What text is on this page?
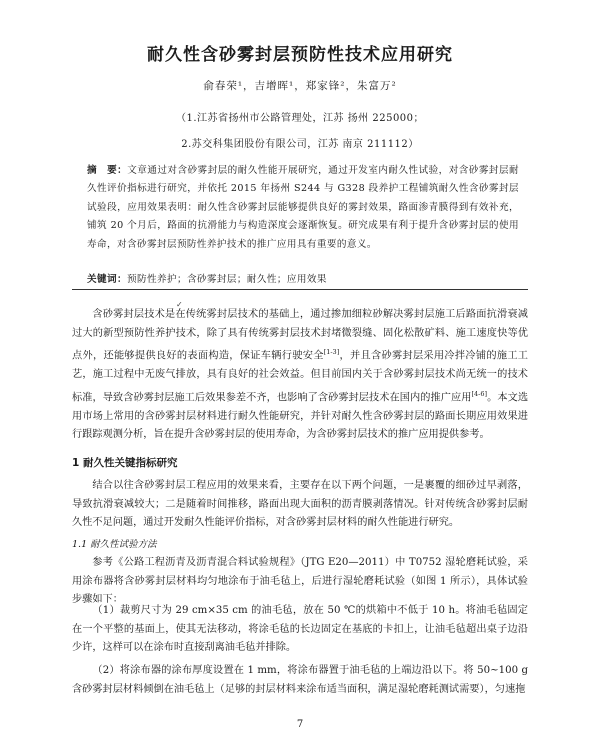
耐久性含砂雾封层预防性技术应用研究
俞春荣¹，吉增晖¹，郑家锋²，朱富万²
（1.江苏省扬州市公路管理处，江苏 扬州 225000；
2.苏交科集团股份有限公司，江苏 南京 211112）
摘　要：文章通过对含砂雾封层的耐久性能开展研究，通过开发室内耐久性试验，对含砂雾封层耐久性评价指标进行研究，并依托 2015 年扬州 S244 与 G328 段养护工程铺筑耐久性含砂雾封层试验段，应用效果表明：耐久性含砂雾封层能够提供良好的雾封效果，路面渗青膜得到有效补充，铺筑 20 个月后，路面的抗滑能力与构造深度会逐渐恢复。研究成果有利于提升含砂雾封层的使用寿命，对含砂雾封层预防性养护技术的推广应用具有重要的意义。
关键词：预防性养护；含砂雾封层；耐久性；应用效果
✓

含砂雾封层技术是在传统雾封层技术的基础上，通过掺加细粒砂解决雾封层施工后路面抗滑衰减过大的新型预防性养护技术，除了具有传统雾封层技术封堵微裂缝、固化松散矿料、施工速度快等优点外，还能够提供良好的表面构造，保证车辆行驶安全[1-3]，并且含砂雾封层采用冷拌冷铺的施工工艺，施工过程中无废气排放，具有良好的社会效益。但目前国内关于含砂雾封层技术尚无统一的技术标准，导致含砂雾封层施工后效果参差不齐，也影响了含砂雾封层技术在国内的推广应用[4-6]。本文选用市场上常用的含砂雾封层材料进行耐久性能研究，并针对耐久性含砂雾封层的路面长期应用效果进行跟踪观测分析，旨在提升含砂雾封层的使用寿命，为含砂雾封层技术的推广应用提供参考。

1 耐久性关键指标研究

结合以往含砂雾封层工程应用的效果来看，主要存在以下两个问题，一是裹覆的细砂过早剥落，导致抗滑衰减较大；二是随着时间推移，路面出现大面积的沥青膜剥落情况。针对传统含砂雾封层耐久性不足问题，通过开发耐久性能评价指标，对含砂雾封层材料的耐久性能进行研究。

1.1 耐久性试验方法

参考《公路工程沥青及沥青混合料试验规程》（JTG E20—2011）中 T0752 湿轮磨耗试验，采用涂布器将含砂雾封层材料均匀地涂布于油毛毡上，后进行湿轮磨耗试验（如图 1 所示），具体试验步骤如下：

（1）裁剪尺寸为 29 cm×35 cm 的油毛毡，放在 50 ℃的烘箱中不低于 10 h。将油毛毡固定在一个平整的基面上，使其无法移动，将涂毛毡的长边固定在基底的卡扣上，让油毛毡超出桌子边沿少许，这样可以在涂布时直接刮离油毛毡并排除。

（2）将涂布器的涂布厚度设置在 1 mm，将涂布器置于油毛毡的上端边沿以下。将 50~100 g 含砂雾封层材料倾倒在油毛毡上（足够的封层材料来涂布适当面积，满足湿轮磨耗测试需要），匀速拖

7
